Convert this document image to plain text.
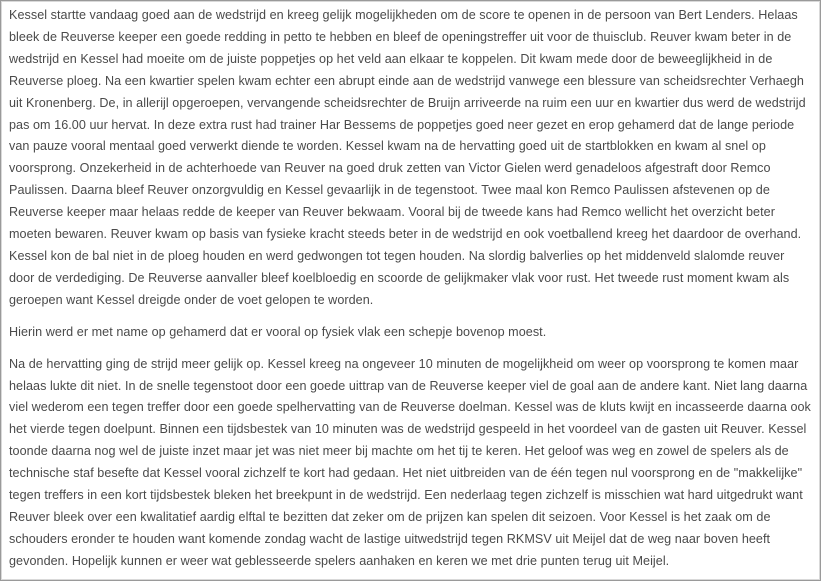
Kessel startte vandaag goed aan de wedstrijd en kreeg gelijk mogelijkheden om de score te openen in de persoon van Bert Lenders. Helaas bleek de Reuverse keeper een goede redding in petto te hebben en bleef de openingstreffer uit voor de thuisclub. Reuver kwam beter in de wedstrijd en Kessel had moeite om de juiste poppetjes op het veld aan elkaar te koppelen. Dit kwam mede door de beweeglijkheid in de Reuverse ploeg. Na een kwartier spelen kwam echter een abrupt einde aan de wedstrijd vanwege een blessure van scheidsrechter Verhaegh uit Kronenberg. De, in allerijl opgeroepen, vervangende scheidsrechter de Bruijn arriveerde na ruim een uur en kwartier dus werd de wedstrijd pas om 16.00 uur hervat. In deze extra rust had trainer Har Bessems de poppetjes goed neer gezet en erop gehamerd dat de lange periode van pauze vooral mentaal goed verwerkt diende te worden. Kessel kwam na de hervatting goed uit de startblokken en kwam al snel op voorsprong. Onzekerheid in de achterhoede van Reuver na goed druk zetten van Victor Gielen werd genadeloos afgestraft door Remco Paulissen. Daarna bleef Reuver onzorgvuldig en Kessel gevaarlijk in de tegenstoot. Twee maal kon Remco Paulissen afstevenen op de Reuverse keeper maar helaas redde de keeper van Reuver bekwaam. Vooral bij de tweede kans had Remco wellicht het overzicht beter moeten bewaren. Reuver kwam op basis van fysieke kracht steeds beter in de wedstrijd en ook voetballend kreeg het daardoor de overhand. Kessel kon de bal niet in de ploeg houden en werd gedwongen tot tegen houden. Na slordig balverlies op het middenveld slalomde reuver door de verdediging. De Reuverse aanvaller bleef koelbloedig en scoorde de gelijkmaker vlak voor rust. Het tweede rust moment kwam als geroepen want Kessel dreigde onder de voet gelopen te worden.

Hierin werd er met name op gehamerd dat er vooral op fysiek vlak een schepje bovenop moest.

Na de hervatting ging de strijd meer gelijk op. Kessel kreeg na ongeveer 10 minuten de mogelijkheid om weer op voorsprong te komen maar helaas lukte dit niet. In de snelle tegenstoot door een goede uittrap van de Reuverse keeper viel de goal aan de andere kant. Niet lang daarna viel wederom een tegen treffer door een goede spelhervatting van de Reuverse doelman. Kessel was de kluts kwijt en incasseerde daarna ook het vierde tegen doelpunt. Binnen een tijdsbestek van 10 minuten was de wedstrijd gespeeld in het voordeel van de gasten uit Reuver. Kessel toonde daarna nog wel de juiste inzet maar jet was niet meer bij machte om het tij te keren. Het geloof was weg en zowel de spelers als de technische staf besefte dat Kessel vooral zichzelf te kort had gedaan. Het niet uitbreiden van de één tegen nul voorsprong en de "makkelijke" tegen treffers in een kort tijdsbestek bleken het breekpunt in de wedstrijd. Een nederlaag tegen zichzelf is misschien wat hard uitgedrukt want Reuver bleek over een kwalitatief aardig elftal te bezitten dat zeker om de prijzen kan spelen dit seizoen. Voor Kessel is het zaak om de schouders eronder te houden want komende zondag wacht de lastige uitwedstrijd tegen RKMSV uit Meijel dat de weg naar boven heeft gevonden. Hopelijk kunnen er weer wat geblesseerde spelers aanhaken en keren we met drie punten terug uit Meijel.
